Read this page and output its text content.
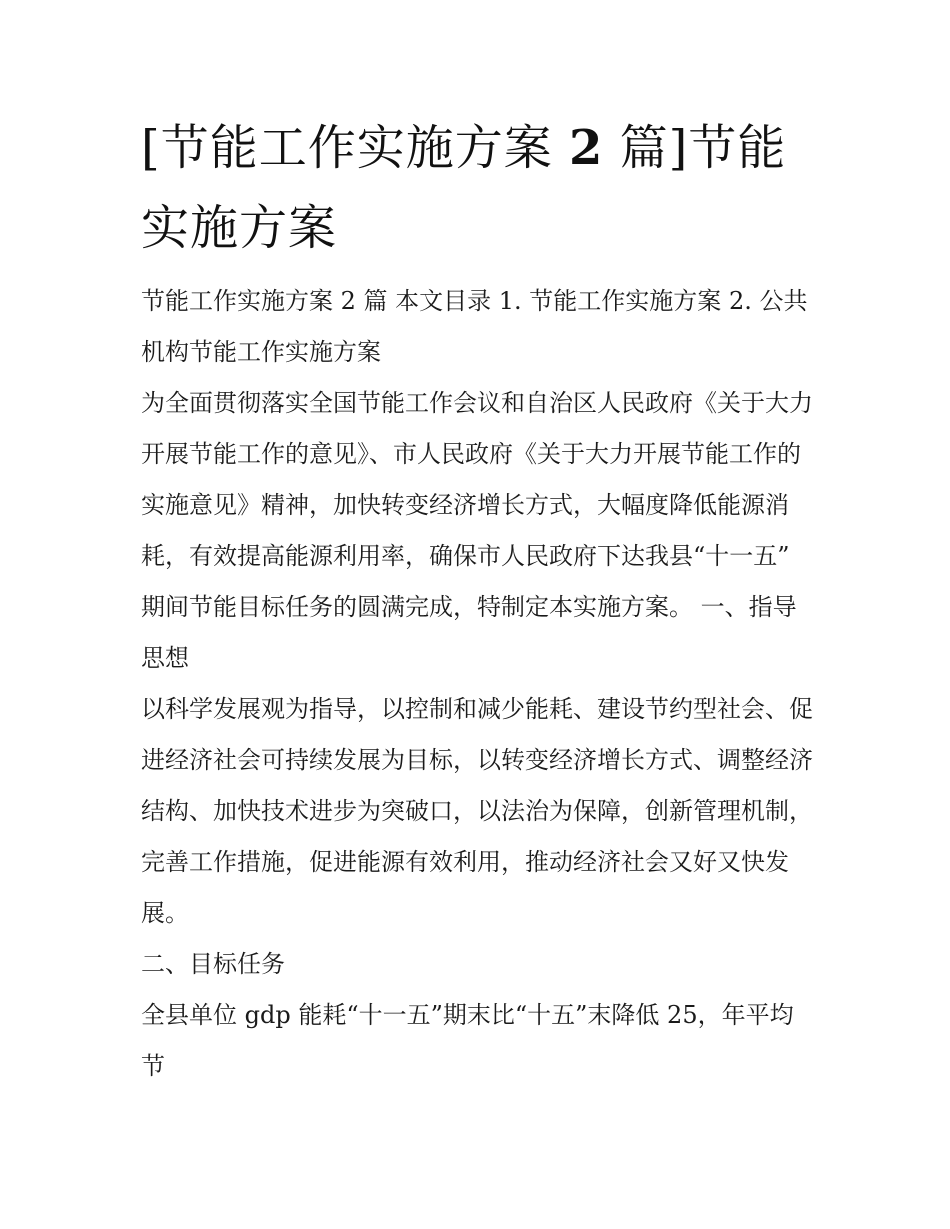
[节能工作实施方案 2 篇]节能实施方案

节能工作实施方案 2 篇 本文目录 1. 节能工作实施方案 2. 公共机构节能工作实施方案

为全面贯彻落实全国节能工作会议和自治区人民政府《关于大力开展节能工作的意见》、市人民政府《关于大力开展节能工作的实施意见》精神，加快转变经济增长方式，大幅度降低能源消耗，有效提高能源利用率，确保市人民政府下达我县“十一五”

期间节能目标任务的圆满完成，特制定本实施方案。 一、指导思想

以科学发展观为指导，以控制和减少能耗、建设节约型社会、促进经济社会可持续发展为目标，以转变经济增长方式、调整经济结构、加快技术进步为突破口，以法治为保障，创新管理机制，完善工作措施，促进能源有效利用，推动经济社会又好又快发展。

二、目标任务

全县单位 gdp 能耗“十一五”期末比“十五”末降低 25，年平均节
